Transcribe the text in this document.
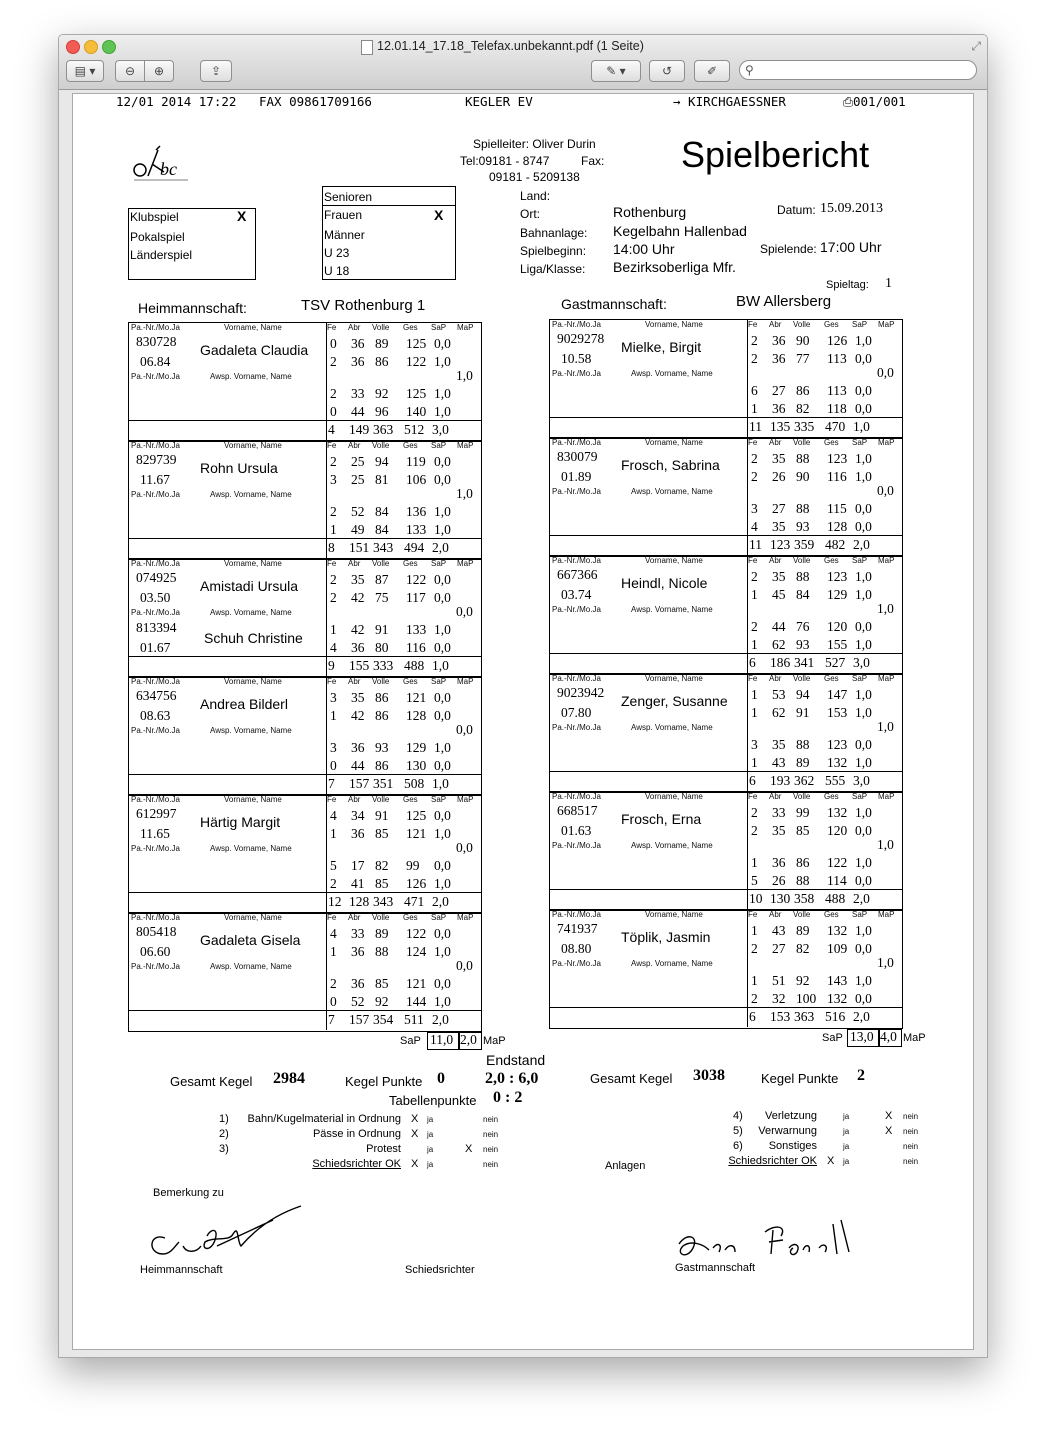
12.01.14_17.18_Telefax.unbekannt.pdf (1 Seite)	⤢
▤ ▾	⊖	⊕	⇪	✎ ▾	↺	✐	⚲
12/01 2014 17:22 FAX 09861709166	KEGLER EV	→ KIRCHGAESSNER	⎙001/001
bc
Spielleiter: Oliver Durin
Tel:09181 - 8747	Fax:
09181 - 5209138
Spielbericht
Klubspiel	X
Pokalspiel
Länderspiel
Senioren
Frauen	X
Männer
U 23
U 18
Land:
Ort:	Rothenburg	Datum: 15.09.2013
Bahnanlage: Kegelbahn Hallenbad
Spielbeginn: 14:00 Uhr	Spielende: 17:00 Uhr
Liga/Klasse: Bezirksoberliga Mfr.
Spieltag: 1
Heimmannschaft:	TSV Rothenburg 1	Gastmannschaft:	BW Allersberg
Pa.-Nr./Mo.Ja	Vorname, Name	Fe Abr Volle Ges SaP MaP
830728
06.84
Gadaleta Claudia
Pa.-Nr./Mo.Ja	Awsp. Vorname, Name
0 36 89 125 0,0
2 36 86 122 1,0
2 33 92 125 1,0
0 44 96 140 1,0
1,0
4 149 363 512 3,0
Pa.-Nr./Mo.Ja	Vorname, Name	Fe Abr Volle Ges SaP MaP
829739
11.67
Rohn Ursula
Pa.-Nr./Mo.Ja	Awsp. Vorname, Name
2 25 94 119 0,0
3 25 81 106 0,0
2 52 84 136 1,0
1 49 84 133 1,0
1,0
8 151 343 494 2,0
Pa.-Nr./Mo.Ja	Vorname, Name	Fe Abr Volle Ges SaP MaP
074925
03.50
Amistadi Ursula
Pa.-Nr./Mo.Ja	Awsp. Vorname, Name
813394
01.67
Schuh Christine
2 35 87 122 0,0
2 42 75 117 0,0
1 42 91 133 1,0
4 36 80 116 0,0
0,0
9 155 333 488 1,0
Pa.-Nr./Mo.Ja	Vorname, Name	Fe Abr Volle Ges SaP MaP
634756
08.63
Andrea Bilderl
Pa.-Nr./Mo.Ja	Awsp. Vorname, Name
3 35 86 121 0,0
1 42 86 128 0,0
3 36 93 129 1,0
0 44 86 130 0,0
0,0
7 157 351 508 1,0
Pa.-Nr./Mo.Ja	Vorname, Name	Fe Abr Volle Ges SaP MaP
612997
11.65
Härtig Margit
Pa.-Nr./Mo.Ja	Awsp. Vorname, Name
4 34 91 125 0,0
1 36 85 121 1,0
5 17 82 99 0,0
2 41 85 126 1,0
0,0
12 128 343 471 2,0
Pa.-Nr./Mo.Ja	Vorname, Name	Fe Abr Volle Ges SaP MaP
805418
06.60
Gadaleta Gisela
Pa.-Nr./Mo.Ja	Awsp. Vorname, Name
4 33 89 122 0,0
1 36 88 124 1,0
2 36 85 121 0,0
0 52 92 144 1,0
0,0
7 157 354 511 2,0
Pa.-Nr./Mo.Ja	Vorname, Name	Fe Abr Volle Ges SaP MaP
9029278
10.58
Mielke, Birgit
Pa.-Nr./Mo.Ja	Awsp. Vorname, Name
2 36 90 126 1,0
2 36 77 113 0,0
6 27 86 113 0,0
1 36 82 118 0,0
0,0
11 135 335 470 1,0
Pa.-Nr./Mo.Ja	Vorname, Name	Fe Abr Volle Ges SaP MaP
830079
01.89
Frosch, Sabrina
Pa.-Nr./Mo.Ja	Awsp. Vorname, Name
2 35 88 123 1,0
2 26 90 116 1,0
3 27 88 115 0,0
4 35 93 128 0,0
0,0
11 123 359 482 2,0
Pa.-Nr./Mo.Ja	Vorname, Name	Fe Abr Volle Ges SaP MaP
667366
03.74
Heindl, Nicole
Pa.-Nr./Mo.Ja	Awsp. Vorname, Name
2 35 88 123 1,0
1 45 84 129 1,0
2 44 76 120 0,0
1 62 93 155 1,0
1,0
6 186 341 527 3,0
Pa.-Nr./Mo.Ja	Vorname, Name	Fe Abr Volle Ges SaP MaP
9023942
07.80
Zenger, Susanne
Pa.-Nr./Mo.Ja	Awsp. Vorname, Name
1 53 94 147 1,0
1 62 91 153 1,0
3 35 88 123 0,0
1 43 89 132 1,0
1,0
6 193 362 555 3,0
Pa.-Nr./Mo.Ja	Vorname, Name	Fe Abr Volle Ges SaP MaP
668517
01.63
Frosch, Erna
Pa.-Nr./Mo.Ja	Awsp. Vorname, Name
2 33 99 132 1,0
2 35 85 120 0,0
1 36 86 122 1,0
5 26 88 114 0,0
1,0
10 130 358 488 2,0
Pa.-Nr./Mo.Ja	Vorname, Name	Fe Abr Volle Ges SaP MaP
741937
08.80
Töplik, Jasmin
Pa.-Nr./Mo.Ja	Awsp. Vorname, Name
1 43 89 132 1,0
2 27 82 109 0,0
1 51 92 143 1,0
2 32 100 132 0,0
1,0
6 153 363 516 2,0
SaP 11,0 2,0 MaP	SaP 13,0 4,0 MaP
Endstand
Gesamt Kegel 2984	Kegel Punkte 0	2,0 : 6,0	Gesamt Kegel 3038	Kegel Punkte 2
Tabellenpunkte 0 : 2
1) Bahn/Kugelmaterial in Ordnung X ja	nein
2)	Pässe in Ordnung X ja	nein
3)	Protest	ja	X nein
Schiedsrichter OK X ja	nein
4) Verletzung	ja	X nein
5) Verwarnung	ja	X nein
6) Sonstiges	ja	nein
Schiedsrichter OK X ja	nein
Anlagen
Bemerkung zu
Heimmannschaft	Schiedsrichter	Gastmannschaft
